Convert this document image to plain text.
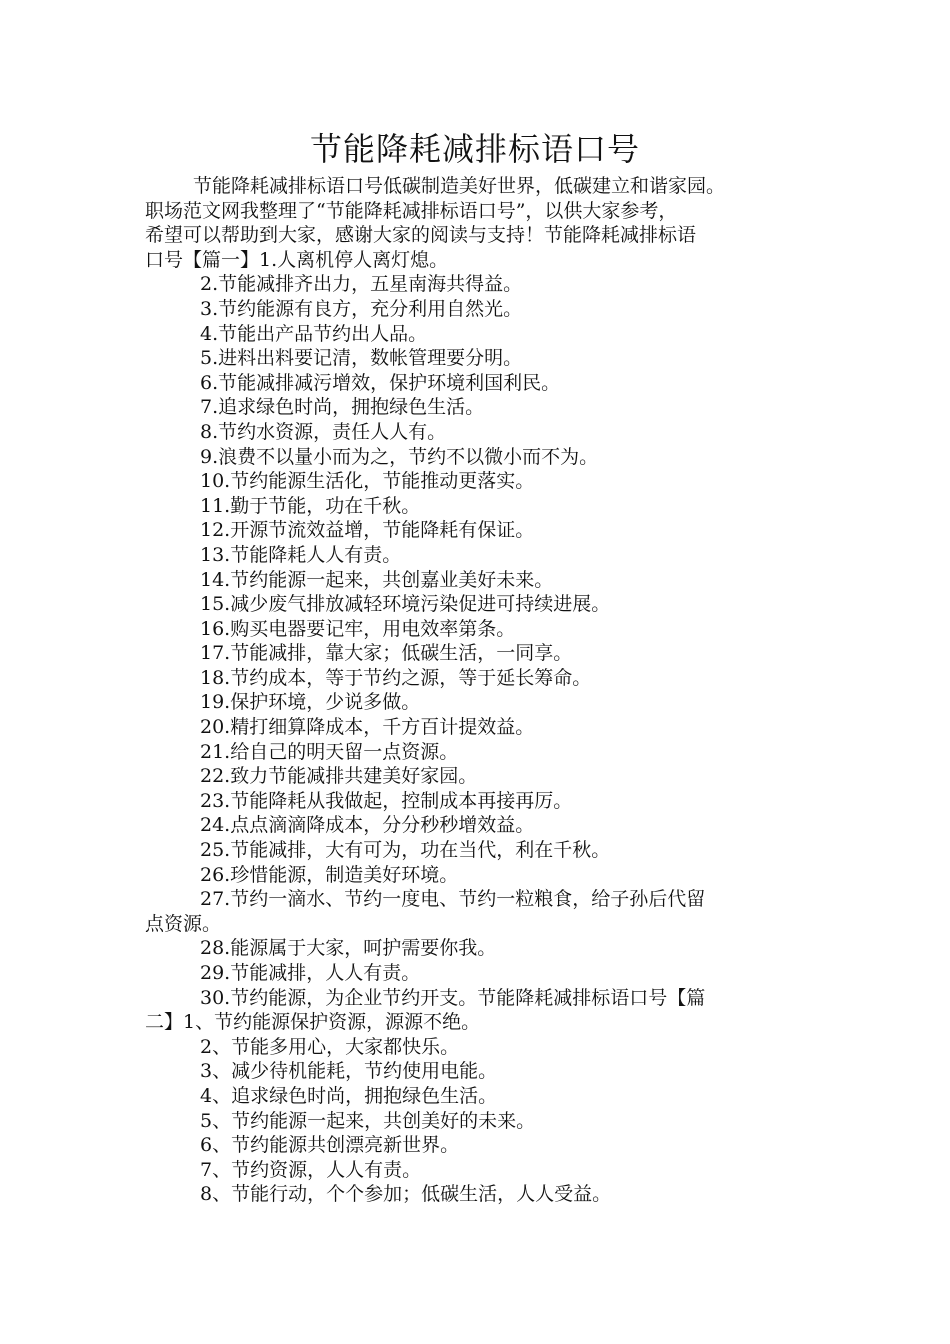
节能降耗减排标语口号
节能降耗减排标语口号低碳制造美好世界，低碳建立和谐家园。
职场范文网我整理了“节能降耗减排标语口号”，以供大家参考，
希望可以帮助到大家，感谢大家的阅读与支持！节能降耗减排标语
口号【篇一】1.人离机停人离灯熄。
2.节能减排齐出力，五星南海共得益。
3.节约能源有良方，充分利用自然光。
4.节能出产品节约出人品。
5.进料出料要记清，数帐管理要分明。
6.节能减排减污增效，保护环境利国利民。
7.追求绿色时尚，拥抱绿色生活。
8.节约水资源，责任人人有。
9.浪费不以量小而为之，节约不以微小而不为。
10.节约能源生活化，节能推动更落实。
11.勤于节能，功在千秋。
12.开源节流效益增，节能降耗有保证。
13.节能降耗人人有责。
14.节约能源一起来，共创嘉业美好未来。
15.减少废气排放减轻环境污染促进可持续进展。
16.购买电器要记牢，用电效率第条。
17.节能减排，靠大家；低碳生活，一同享。
18.节约成本，等于节约之源，等于延长筹命。
19.保护环境，少说多做。
20.精打细算降成本，千方百计提效益。
21.给自己的明天留一点资源。
22.致力节能减排共建美好家园。
23.节能降耗从我做起，控制成本再接再厉。
24.点点滴滴降成本，分分秒秒增效益。
25.节能减排，大有可为，功在当代，利在千秋。
26.珍惜能源，制造美好环境。
27.节约一滴水、节约一度电、节约一粒粮食，给子孙后代留
点资源。
28.能源属于大家，呵护需要你我。
29.节能减排，人人有责。
30.节约能源，为企业节约开支。节能降耗减排标语口号【篇
二】1、节约能源保护资源，源源不绝。
2、节能多用心，大家都快乐。
3、减少待机能耗，节约使用电能。
4、追求绿色时尚，拥抱绿色生活。
5、节约能源一起来，共创美好的未来。
6、节约能源共创漂亮新世界。
7、节约资源，人人有责。
8、节能行动，个个参加；低碳生活，人人受益。
